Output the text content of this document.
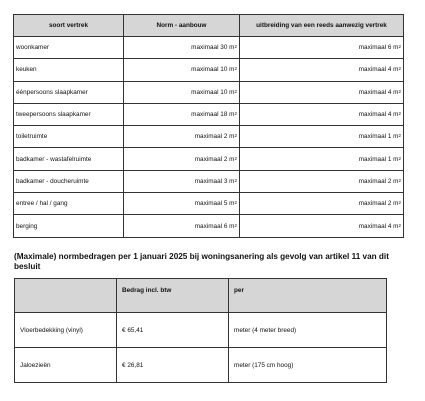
soort vertrek	Norm - aanbouw	uitbreiding van een reeds aanwezig vertrek
woonkamer	maximaal 30 $m^2$	maximaal 6 $m^2$
keuken	maximaal 10 $m^2$	maximaal 4 $m^2$
éénpersoons slaapkamer	maximaal 10 $m^2$	maximaal 4 $m^2$
tweepersoons slaapkamer	maximaal 18 $m^2$	maximaal 4 $m^2$
toiletruimte	maximaal 2 $m^2$	maximaal 1 $m^2$
badkamer - wastafelruimte	maximaal 2 $m^2$	maximaal 1 $m^2$
badkamer - doucheruimte	maximaal 3 $m^2$	maximaal 2 $m^2$
entree / hal / gang	maximaal 5 $m^2$	maximaal 2 $m^2$
berging	maximaal 6 $m^2$	maximaal 4 $m^2$

(Maximale) normbedragen per 1 januari 2025 bij woningsanering als gevolg van artikel 11 van dit besluit

	Bedrag incl. btw	per
Vloerbedekking (vinyl)	€ 65,41	meter (4 meter breed)
Jaloezieën	€ 26,81	meter (175 cm hoog)
